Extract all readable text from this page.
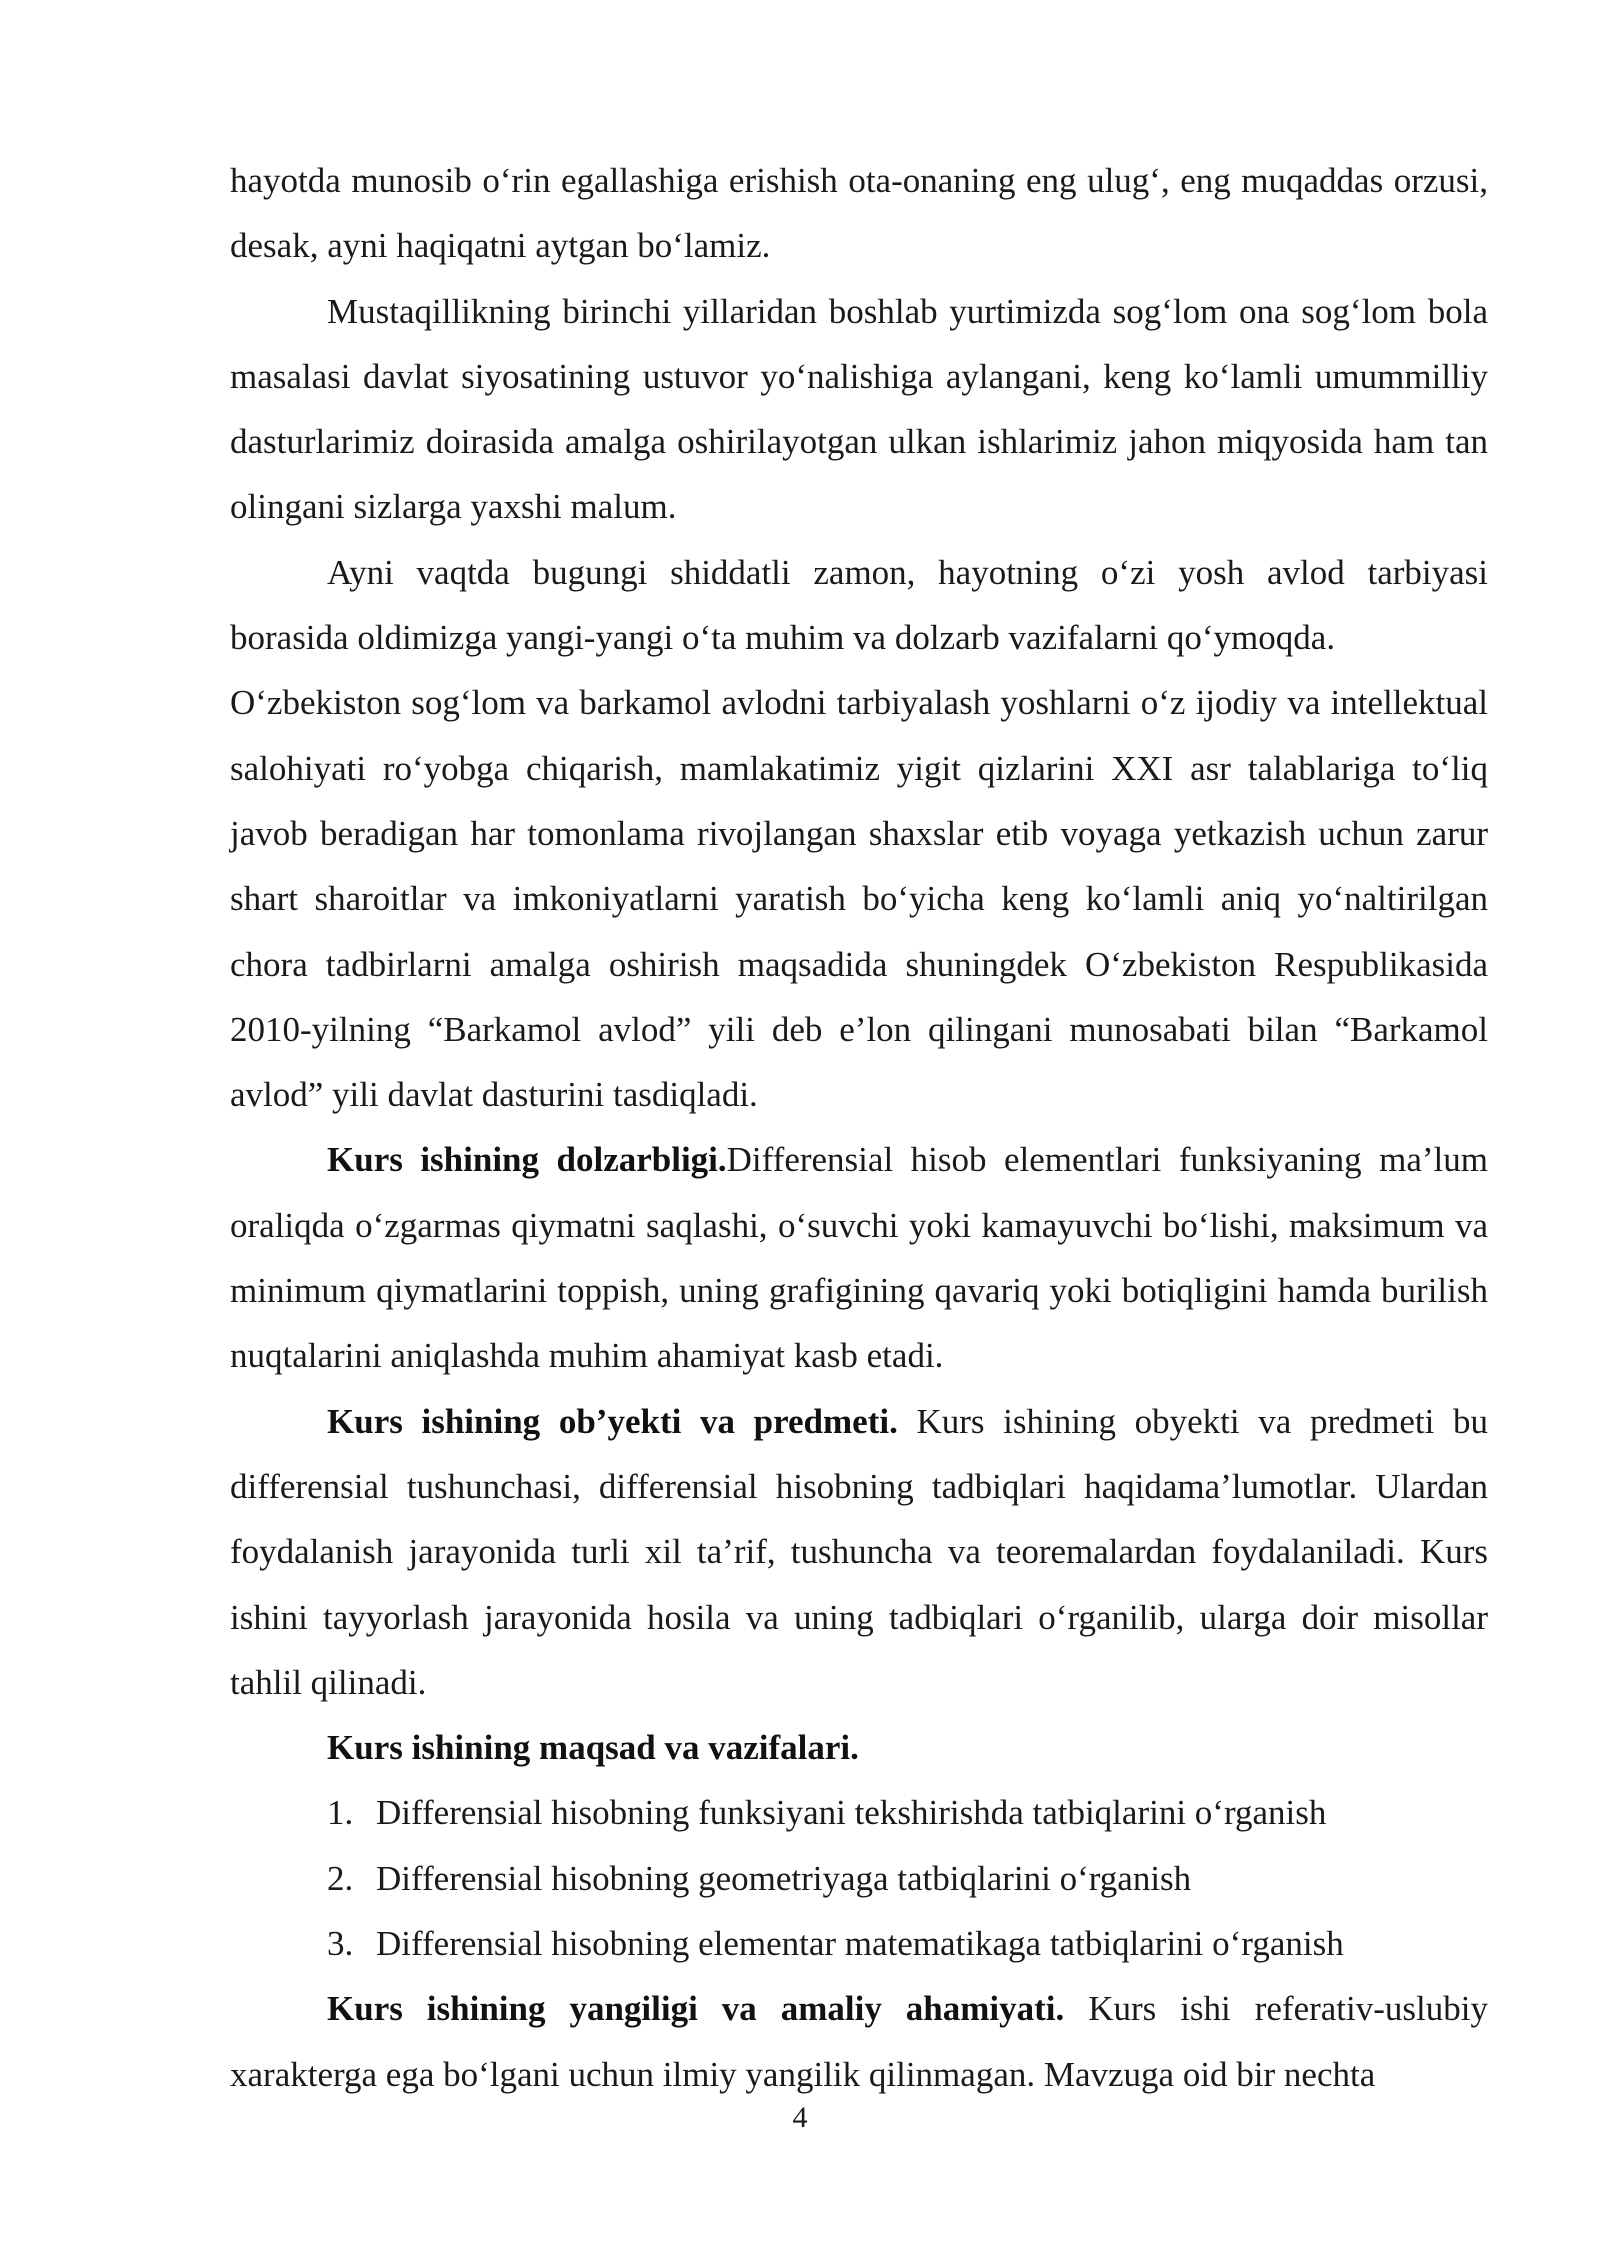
hayotda munosib o‘rin egallashiga erishish ota-onaning eng ulug‘, eng muqaddas orzusi, desak, ayni haqiqatni aytgan bo‘lamiz.

Mustaqillikning birinchi yillaridan boshlab yurtimizda sog‘lom ona sog‘lom bola masalasi davlat siyosatining ustuvor yo‘nalishiga aylangani, keng ko‘lamli umummilliy dasturlarimiz doirasida amalga oshirilayotgan ulkan ishlarimiz jahon miqyosida ham tan olingani sizlarga yaxshi malum.

Ayni vaqtda bugungi shiddatli zamon, hayotning o‘zi yosh avlod tarbiyasi borasida oldimizga yangi-yangi o‘ta muhim va dolzarb vazifalarni qo‘ymoqda.

O‘zbekiston sog‘lom va barkamol avlodni tarbiyalash yoshlarni o‘z ijodiy va intellektual salohiyati ro‘yobga chiqarish, mamlakatimiz yigit qizlarini XXI asr talablariga to‘liq javob beradigan har tomonlama rivojlangan shaxslar etib voyaga yetkazish uchun zarur shart sharoitlar va imkoniyatlarni yaratish bo‘yicha keng ko‘lamli aniq yo‘naltirilgan chora tadbirlarni amalga oshirish maqsadida shuningdek O‘zbekiston Respublikasida 2010-yilning “Barkamol avlod” yili deb e’lon qilingani munosabati bilan “Barkamol avlod” yili davlat dasturini tasdiqladi.

Kurs ishining dolzarbligi.Differensial hisob elementlari funksiyaning ma’lum oraliqda o‘zgarmas qiymatni saqlashi, o‘suvchi yoki kamayuvchi bo‘lishi, maksimum va minimum qiymatlarini toppish, uning grafigining qavariq yoki botiqligini hamda burilish nuqtalarini aniqlashda muhim ahamiyat kasb etadi.

Kurs ishining ob’yekti va predmeti. Kurs ishining obyekti va predmeti bu differensial tushunchasi, differensial hisobning tadbiqlari haqidama’lumotlar. Ulardan foydalanish jarayonida turli xil ta’rif, tushuncha va teoremalardan foydalaniladi. Kurs ishini tayyorlash jarayonida hosila va uning tadbiqlari o‘rganilib, ularga doir misollar tahlil qilinadi.

Kurs ishining maqsad va vazifalari.

1. Differensial hisobning funksiyani tekshirishda tatbiqlarini o‘rganish
2. Differensial hisobning geometriyaga tatbiqlarini o‘rganish
3. Differensial hisobning elementar matematikaga tatbiqlarini o‘rganish

Kurs ishining yangiligi va amaliy ahamiyati. Kurs ishi referativ-uslubiy xarakterga ega bo‘lgani uchun ilmiy yangilik qilinmagan. Mavzuga oid bir nechta

4
